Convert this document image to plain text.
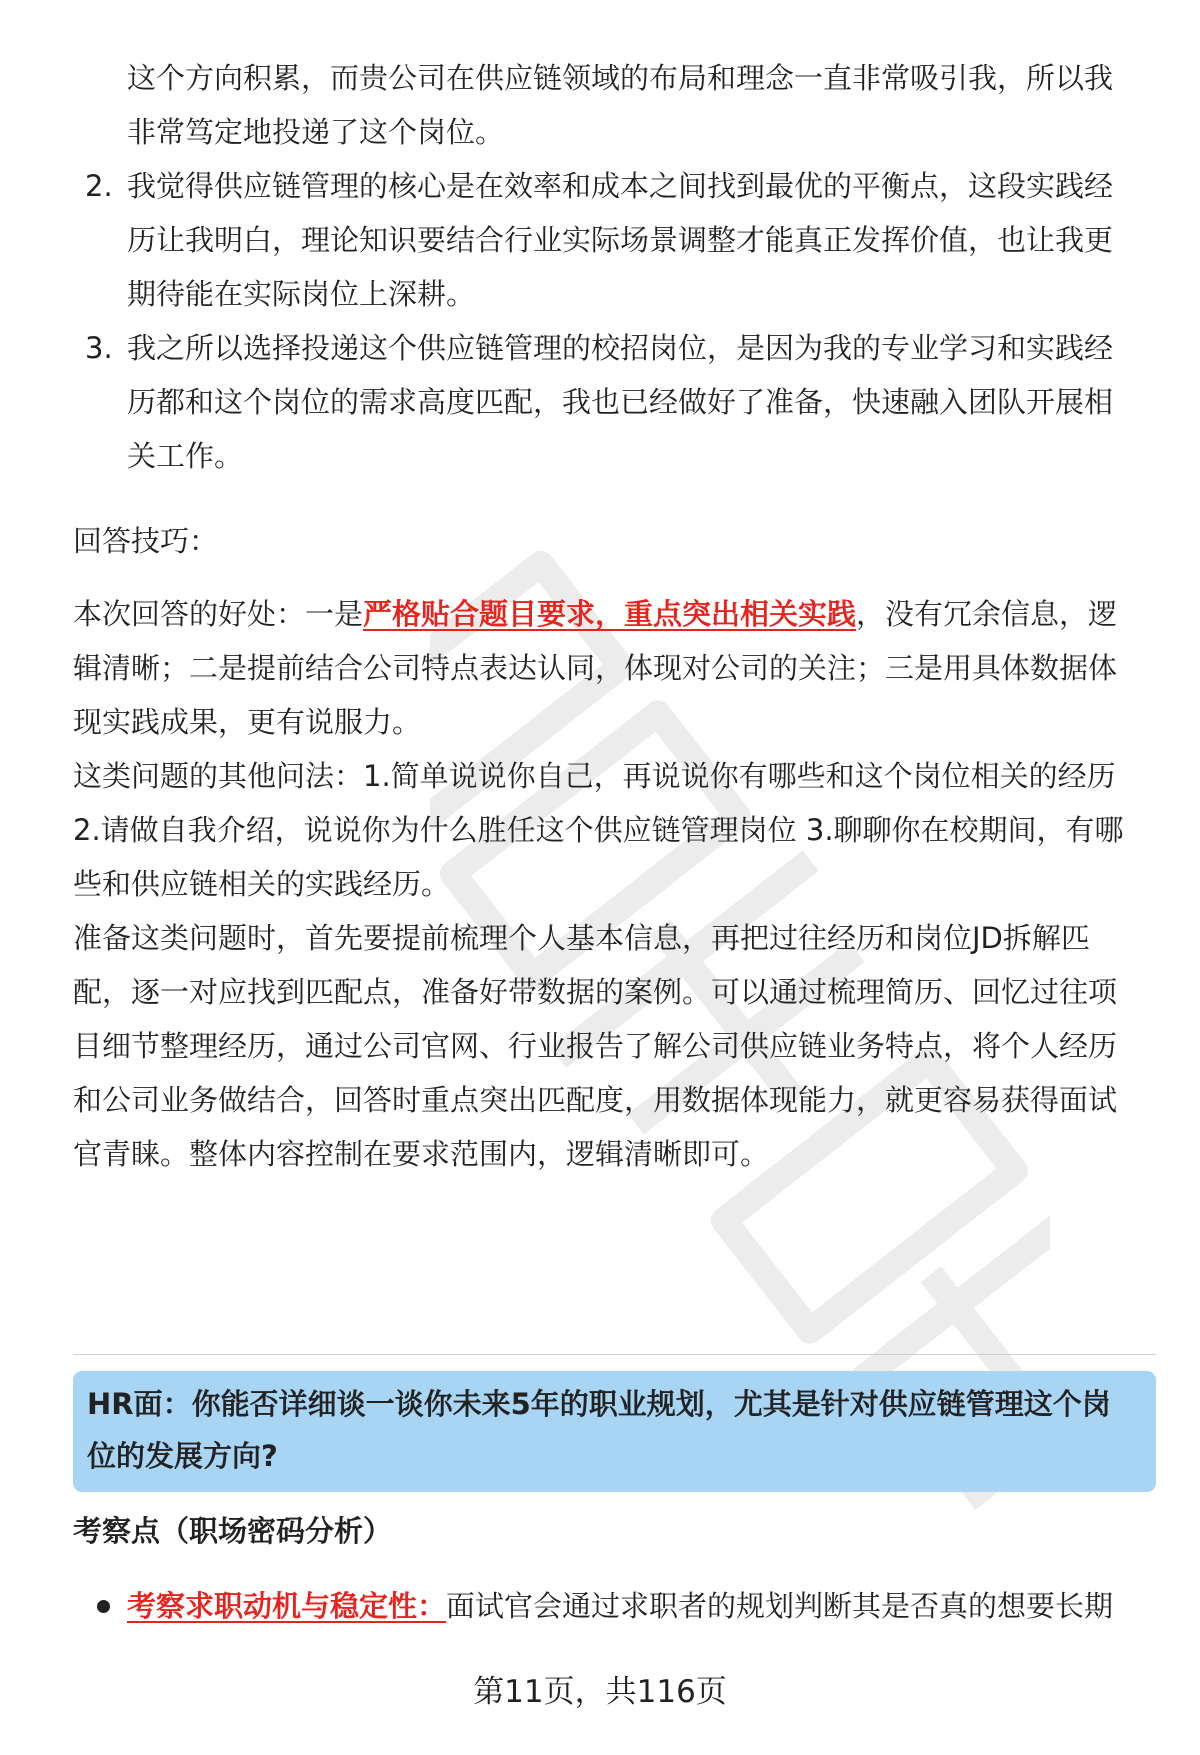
这个方向积累，而贵公司在供应链领域的布局和理念一直非常吸引我，所以我

非常笃定地投递了这个岗位。

2. 我觉得供应链管理的核心是在效率和成本之间找到最优的平衡点，这段实践经

历让我明白，理论知识要结合行业实际场景调整才能真正发挥价值，也让我更

期待能在实际岗位上深耕。

3. 我之所以选择投递这个供应链管理的校招岗位，是因为我的专业学习和实践经

历都和这个岗位的需求高度匹配，我也已经做好了准备，快速融入团队开展相

关工作。

回答技巧：

本次回答的好处：一是严格贴合题目要求，重点突出相关实践，没有冗余信息，逻

辑清晰；二是提前结合公司特点表达认同，体现对公司的关注；三是用具体数据体

现实践成果，更有说服力。

这类问题的其他问法：1.简单说说你自己，再说说你有哪些和这个岗位相关的经历

2.请做自我介绍，说说你为什么胜任这个供应链管理岗位 3.聊聊你在校期间，有哪

些和供应链相关的实践经历。

准备这类问题时，首先要提前梳理个人基本信息，再把过往经历和岗位JD拆解匹

配，逐一对应找到匹配点，准备好带数据的案例。可以通过梳理简历、回忆过往项

目细节整理经历，通过公司官网、行业报告了解公司供应链业务特点，将个人经历

和公司业务做结合，回答时重点突出匹配度，用数据体现能力，就更容易获得面试

官青睐。整体内容控制在要求范围内，逻辑清晰即可。

HR面：你能否详细谈一谈你未来5年的职业规划，尤其是针对供应链管理这个岗
位的发展方向?
考察点（职场密码分析）
考察求职动机与稳定性：面试官会通过求职者的规划判断其是否真的想要长期
第11页，共116页
